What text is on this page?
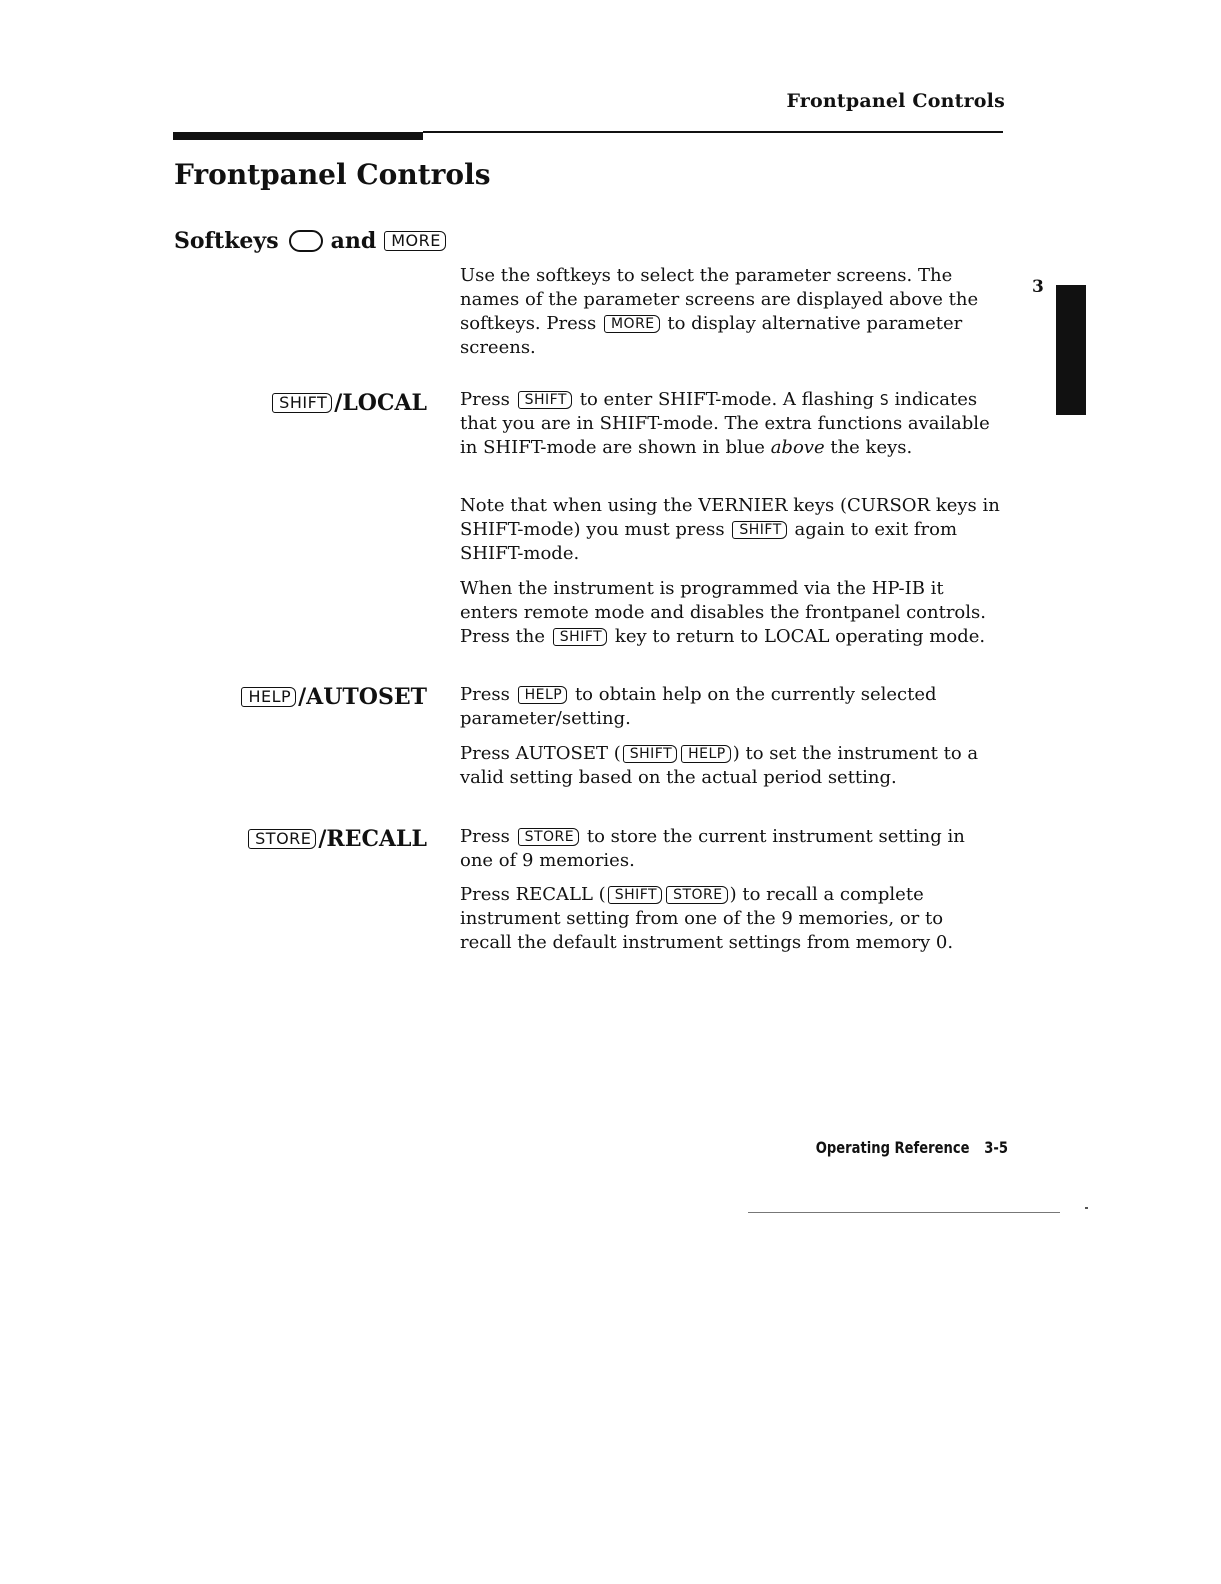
Frontpanel Controls
Frontpanel Controls
Softkeys and MORE
3
Use the softkeys to select the parameter screens. The names of the parameter screens are displayed above the softkeys. Press MORE to display alternative parameter screens.
SHIFT /LOCAL Press SHIFT to enter SHIFT-mode. A flashing S indicates that you are in SHIFT-mode. The extra functions available in SHIFT-mode are shown in blue above the keys.
Note that when using the VERNIER keys (CURSOR keys in SHIFT-mode) you must press SHIFT again to exit from SHIFT-mode.
When the instrument is programmed via the HP-IB it enters remote mode and disables the frontpanel controls. Press the SHIFT key to return to LOCAL operating mode.
HELP /AUTOSET Press HELP to obtain help on the currently selected parameter/setting.
Press AUTOSET ( SHIFT HELP ) to set the instrument to a valid setting based on the actual period setting.
STORE /RECALL Press STORE to store the current instrument setting in one of 9 memories.
Press RECALL ( SHIFT STORE ) to recall a complete instrument setting from one of the 9 memories, or to recall the default instrument settings from memory 0.
Operating Reference 3-5
